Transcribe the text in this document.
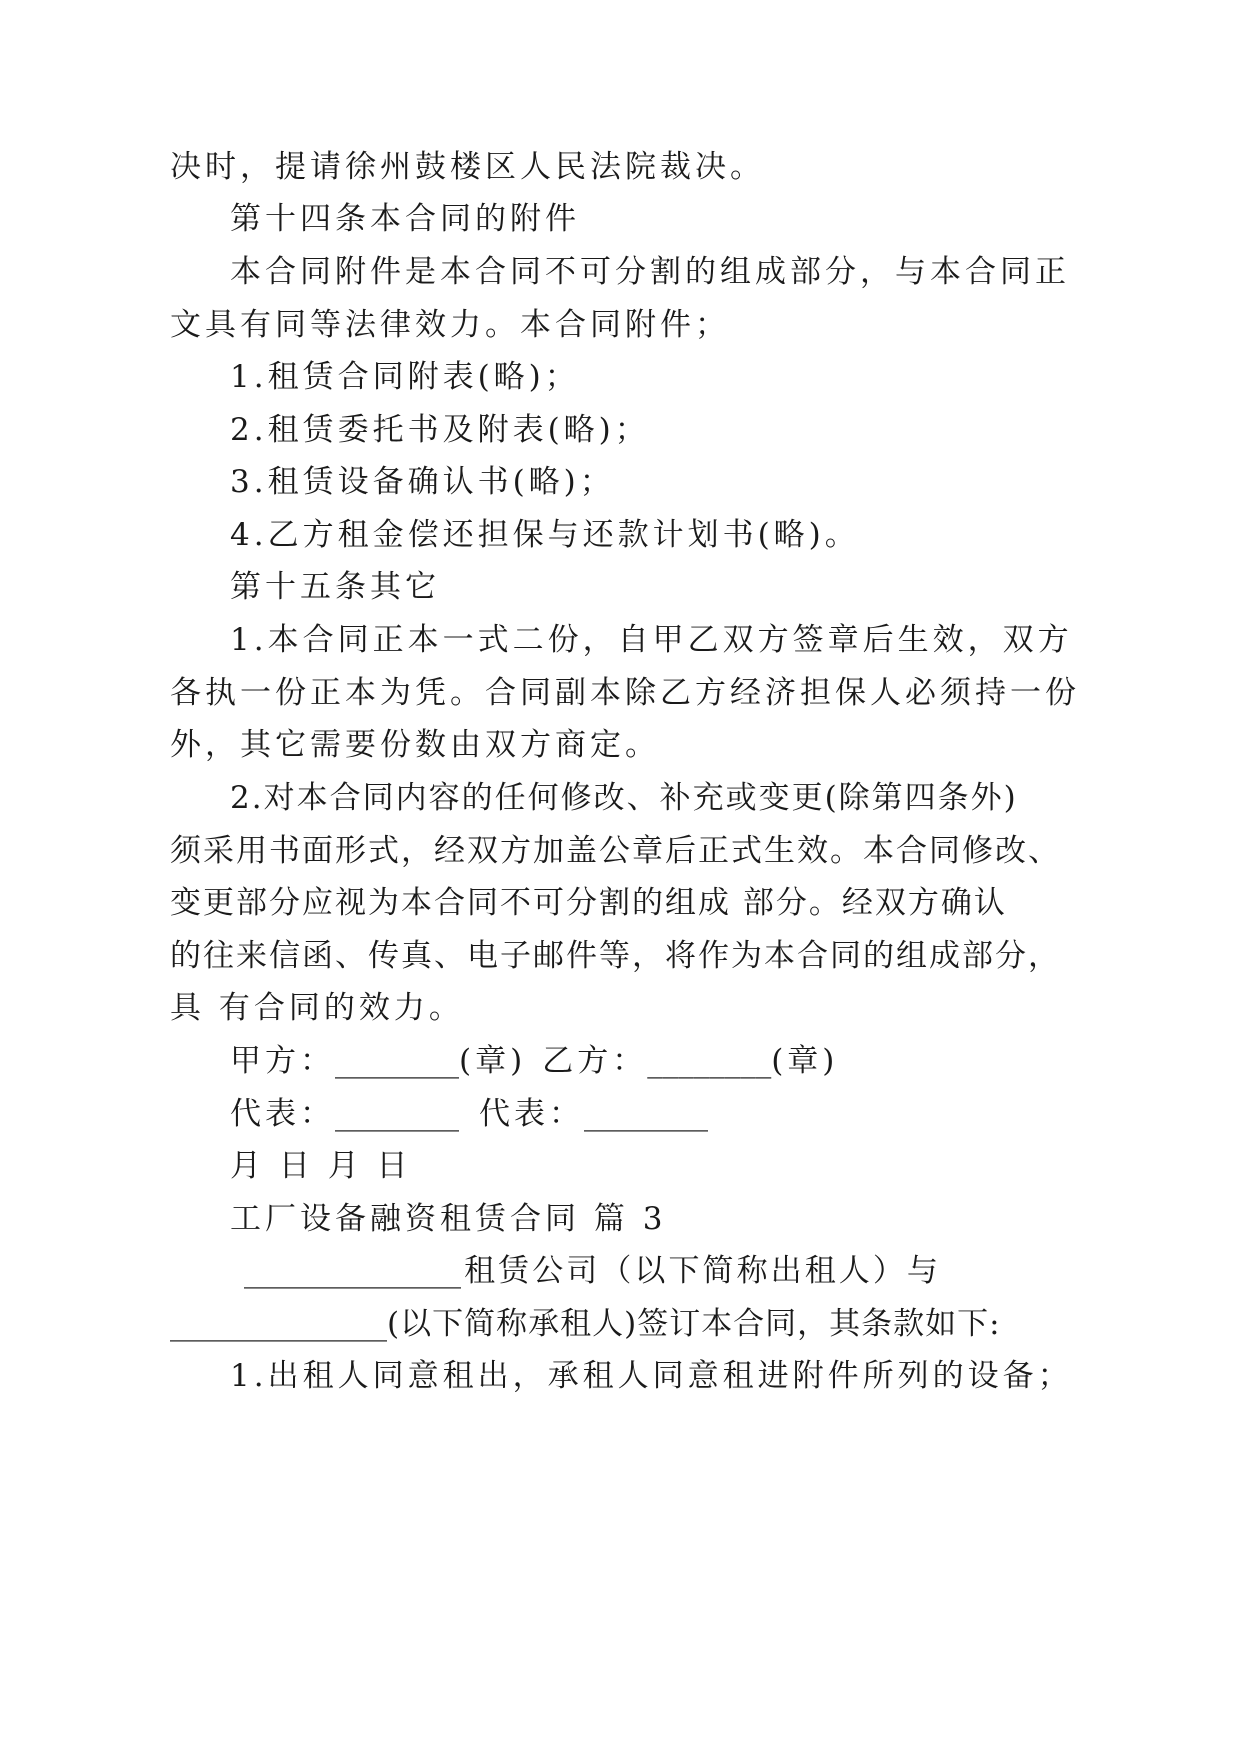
决时，提请徐州鼓楼区人民法院裁决。
第十四条本合同的附件
本合同附件是本合同不可分割的组成部分，与本合同正
文具有同等法律效力。本合同附件；
1.租赁合同附表(略)；
2.租赁委托书及附表(略)；
3.租赁设备确认书(略)；
4.乙方租金偿还担保与还款计划书(略)。
第十五条其它
1.本合同正本一式二份，自甲乙双方签章后生效，双方
各执一份正本为凭。合同副本除乙方经济担保人必须持一份
外，其它需要份数由双方商定。
2.对本合同内容的任何修改、补充或变更(除第四条外)
须采用书面形式，经双方加盖公章后正式生效。本合同修改、
变更部分应视为本合同不可分割的组成 部分。经双方确认
的往来信函、传真、电子邮件等，将作为本合同的组成部分，
具 有合同的效力。
甲方：________(章) 乙方：________(章)
代表：________ 代表：________
月 日 月 日
工厂设备融资租赁合同 篇 3
______________ 租 赁 公 司 （ 以 下 简 称 出 租 人 ） 与
______________(以下简称承租人)签订本合同，其条款如下:
1.出租人同意租出，承租人同意租进附件所列的设备；
